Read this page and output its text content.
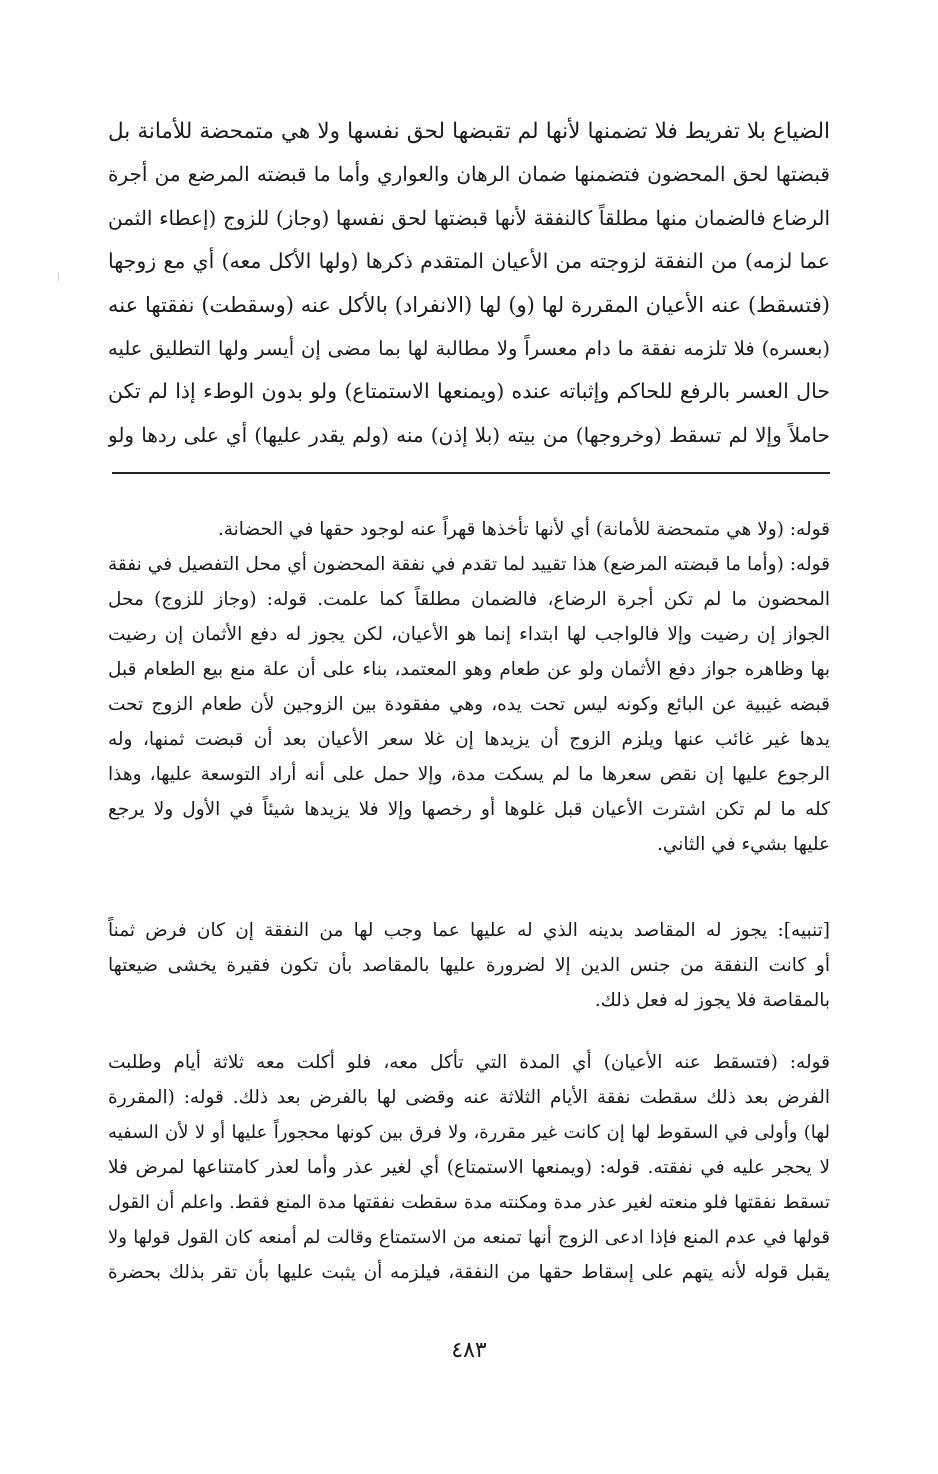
الضياع بلا تفريط فلا تضمنها لأنها لم تقبضها لحق نفسها ولا هي متمحضة للأمانة بل
قبضتها لحق المحضون فتضمنها ضمان الرهان والعواري وأما ما قبضته المرضع من أجرة
الرضاع فالضمان منها مطلقاً كالنفقة لأنها قبضتها لحق نفسها (وجاز) للزوج (إعطاء الثمن
عما لزمه) من النفقة لزوجته من الأعيان المتقدم ذكرها (ولها الأكل معه) أي مع زوجها
(فتسقط) عنه الأعيان المقررة لها (و) لها (الانفراد) بالأكل عنه (وسقطت) نفقتها عنه
(بعسره) فلا تلزمه نفقة ما دام معسراً ولا مطالبة لها بما مضى إن أيسر ولها التطليق عليه
حال العسر بالرفع للحاكم وإثباته عنده (ويمنعها الاستمتاع) ولو بدون الوطء إذا لم تكن
حاملاً وإلا لم تسقط (وخروجها) من بيته (بلا إذن) منه (ولم يقدر عليها) أي على ردها ولو
قوله: (ولا هي متمحضة للأمانة) أي لأنها تأخذها قهراً عنه لوجود حقها في الحضانة.
قوله: (وأما ما قبضته المرضع) هذا تقييد لما تقدم في نفقة المحضون أي محل التفصيل في نفقة
المحضون ما لم تكن أجرة الرضاع، فالضمان مطلقاً كما علمت. قوله: (وجاز للزوج) محل
الجواز إن رضيت وإلا فالواجب لها ابتداء إنما هو الأعيان، لكن يجوز له دفع الأثمان إن رضيت
بها وظاهره جواز دفع الأثمان ولو عن طعام وهو المعتمد، بناء على أن علة منع بيع الطعام قبل
قبضه غيبية عن البائع وكونه ليس تحت يده، وهي مفقودة بين الزوجين لأن طعام الزوج تحت
يدها غير غائب عنها ويلزم الزوج أن يزيدها إن غلا سعر الأعيان بعد أن قبضت ثمنها، وله
الرجوع عليها إن نقص سعرها ما لم يسكت مدة، وإلا حمل على أنه أراد التوسعة عليها، وهذا
كله ما لم تكن اشترت الأعيان قبل غلوها أو رخصها وإلا فلا يزيدها شيئاً في الأول ولا يرجع
عليها بشيء في الثاني.
[تنبيه]: يجوز له المقاصد بدينه الذي له عليها عما وجب لها من النفقة إن كان فرض ثمناً
أو كانت النفقة من جنس الدين إلا لضرورة عليها بالمقاصد بأن تكون فقيرة يخشى ضيعتها
بالمقاصة فلا يجوز له فعل ذلك.
قوله: (فتسقط عنه الأعيان) أي المدة التي تأكل معه، فلو أكلت معه ثلاثة أيام وطلبت
الفرض بعد ذلك سقطت نفقة الأيام الثلاثة عنه وقضى لها بالفرض بعد ذلك. قوله: (المقررة
لها) وأولى في السقوط لها إن كانت غير مقررة، ولا فرق بين كونها محجوراً عليها أو لا لأن السفيه
لا يحجر عليه في نفقته. قوله: (ويمنعها الاستمتاع) أي لغير عذر وأما لعذر كامتناعها لمرض فلا
تسقط نفقتها فلو منعته لغير عذر مدة ومكنته مدة سقطت نفقتها مدة المنع فقط. واعلم أن القول
قولها في عدم المنع فإذا ادعى الزوج أنها تمنعه من الاستمتاع وقالت لم أمنعه كان القول قولها ولا
يقبل قوله لأنه يتهم على إسقاط حقها من النفقة، فيلزمه أن يثبت عليها بأن تقر بذلك بحضرة
٤٨٣
